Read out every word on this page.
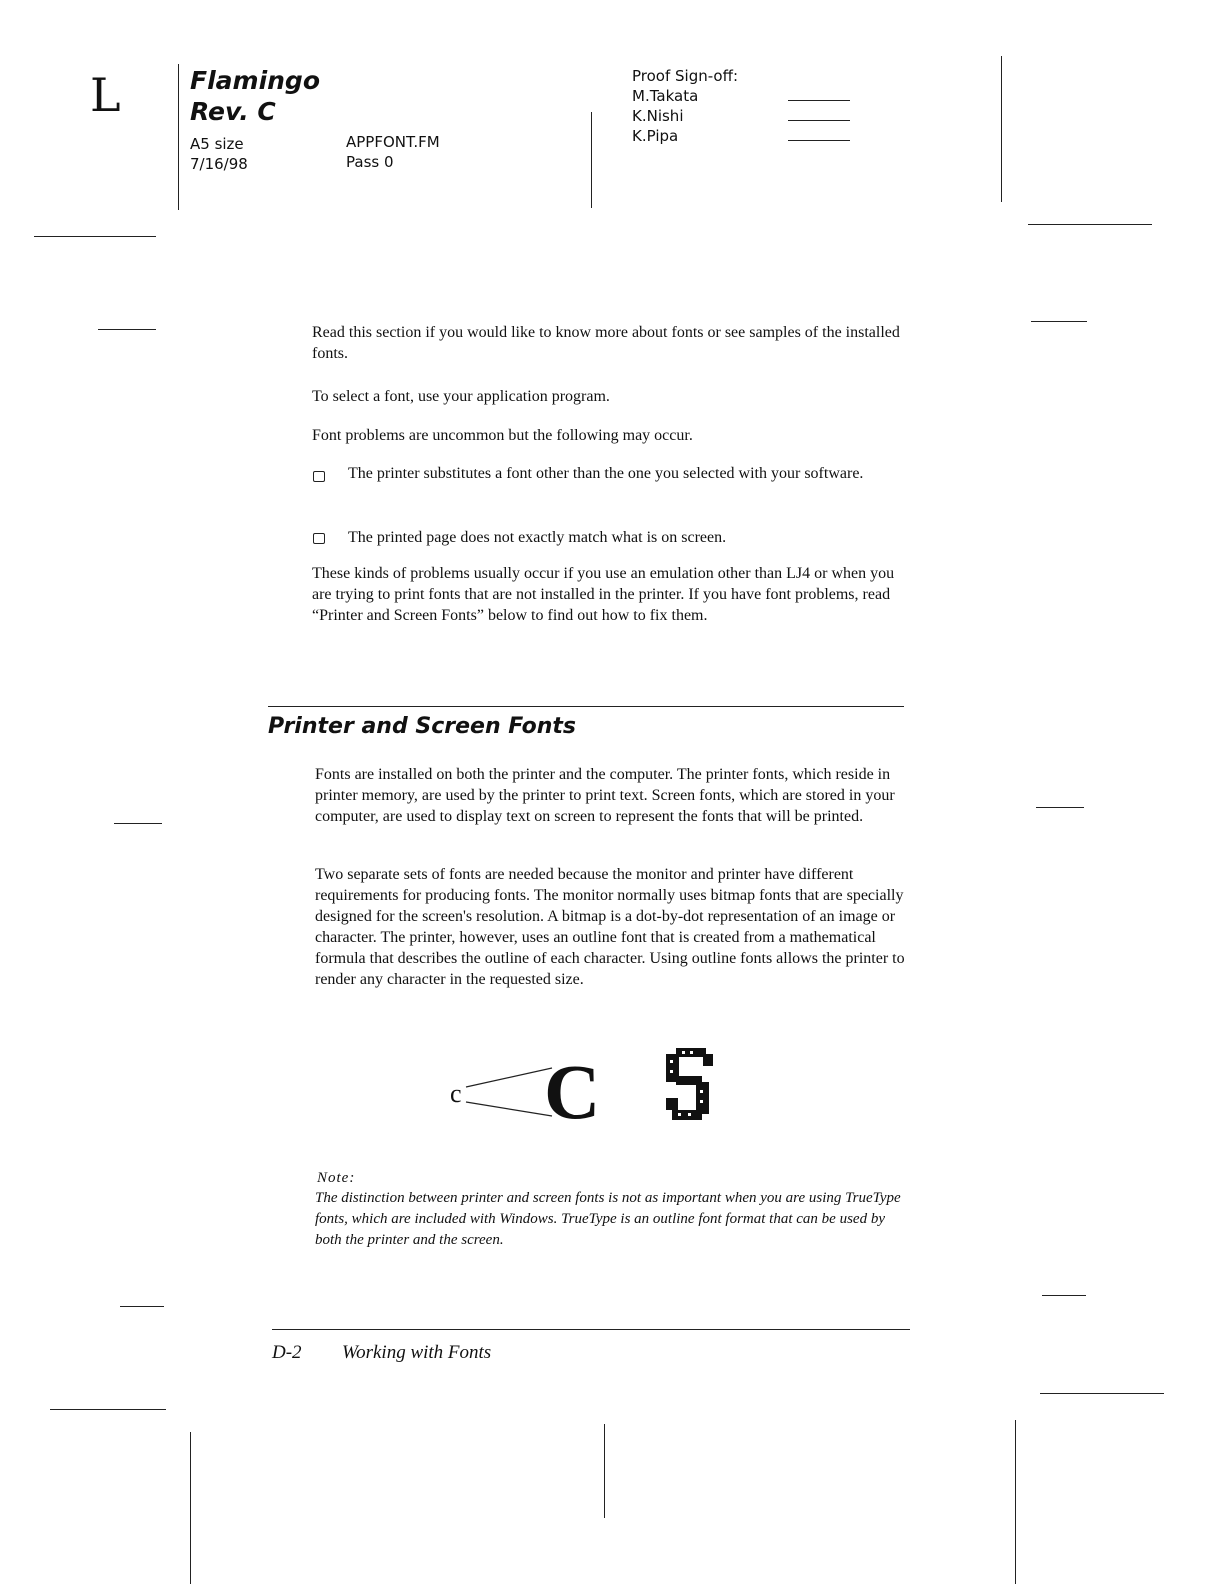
L	Flamingo
Rev. C
A5 size
7/16/98
APPFONT.FM
Pass 0
Proof Sign-off:
M.Takata
K.Nishi
K.Pipa
Read this section if you would like to know more about fonts or see samples of the installed fonts.
To select a font, use your application program.
Font problems are uncommon but the following may occur.
The printer substitutes a font other than the one you selected with your software.
The printed page does not exactly match what is on screen.
These kinds of problems usually occur if you use an emulation other than LJ4 or when you are trying to print fonts that are not installed in the printer. If you have font problems, read “Printer and Screen Fonts” below to find out how to fix them.
Printer and Screen Fonts
Fonts are installed on both the printer and the computer. The printer fonts, which reside in printer memory, are used by the printer to print text. Screen fonts, which are stored in your computer, are used to display text on screen to represent the fonts that will be printed.
Two separate sets of fonts are needed because the monitor and printer have different requirements for producing fonts. The monitor normally uses bitmap fonts that are specially designed for the screen's resolution. A bitmap is a dot-by-dot representation of an image or character. The printer, however, uses an outline font that is created from a mathematical formula that describes the outline of each character. Using outline fonts allows the printer to render any character in the requested size.
c C
Note:
The distinction between printer and screen fonts is not as important when you are using TrueType fonts, which are included with Windows. TrueType is an outline font format that can be used by both the printer and the screen.
D-2 Working with Fonts
